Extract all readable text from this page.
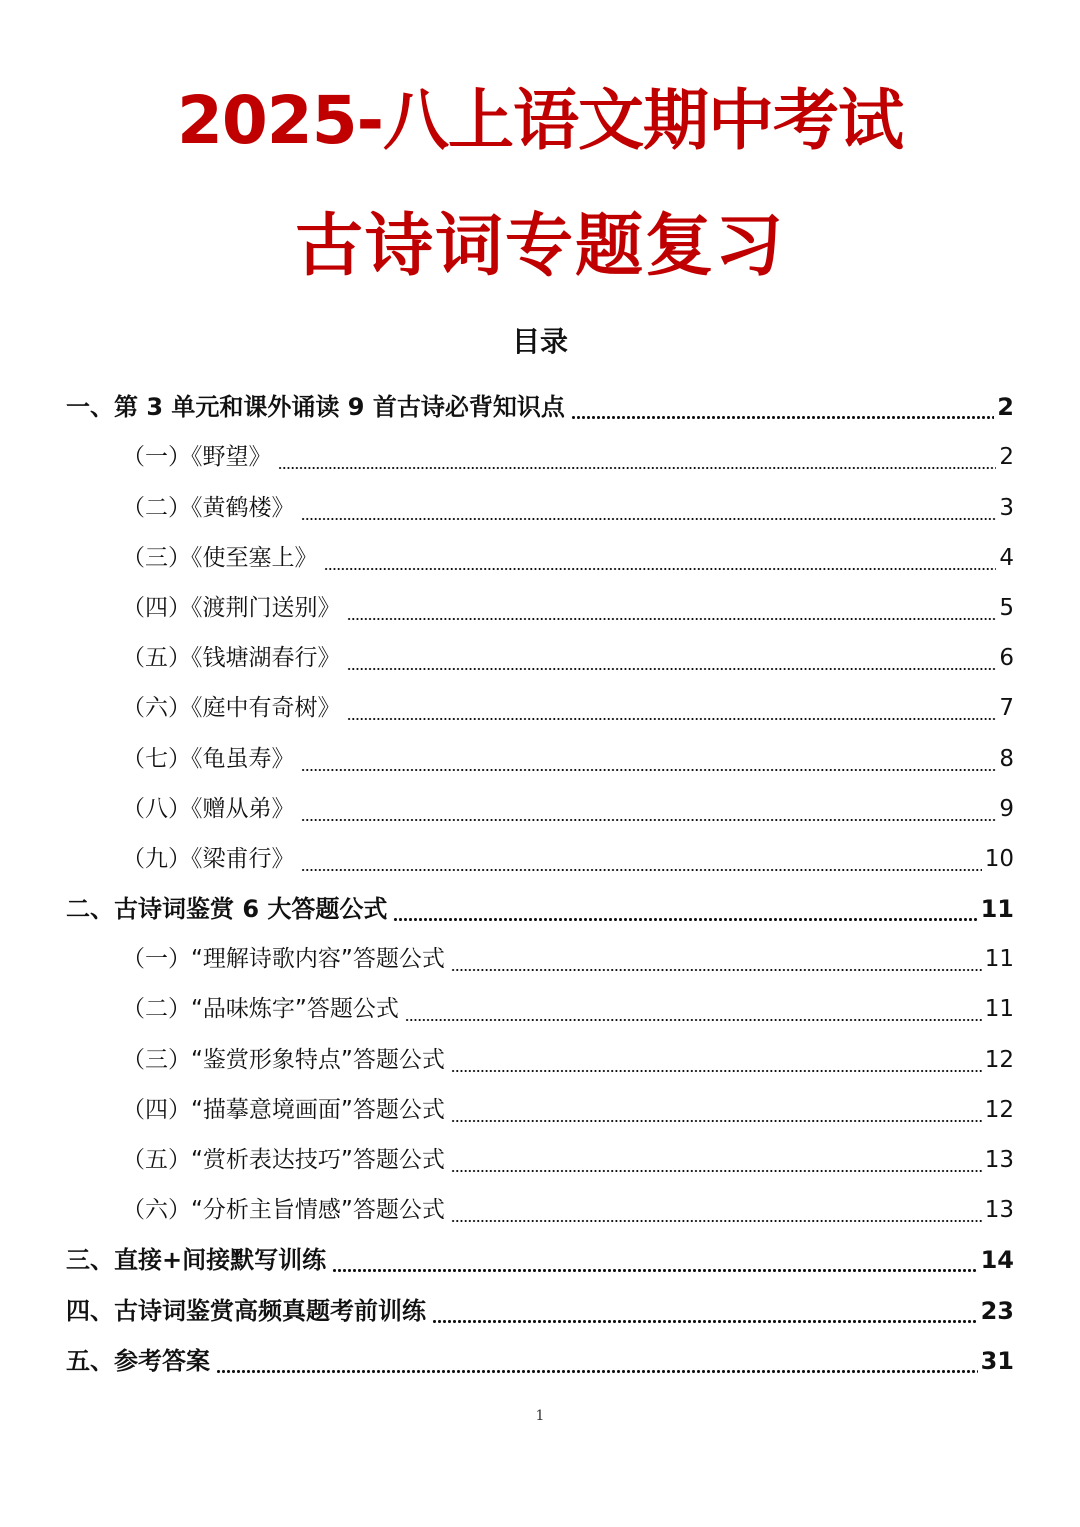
2025-八上语文期中考试
古诗词专题复习
目录
一、第 3 单元和课外诵读 9 首古诗必背知识点	2
（一）《野望》	2
（二）《黄鹤楼》	3
（三）《使至塞上》	4
（四）《渡荆门送别》	5
（五）《钱塘湖春行》	6
（六）《庭中有奇树》	7
（七）《龟虽寿》	8
（八）《赠从弟》	9
（九）《梁甫行》	10
二、古诗词鉴赏 6 大答题公式	11
（一）“理解诗歌内容”答题公式	11
（二）“品味炼字”答题公式	11
（三）“鉴赏形象特点”答题公式	12
（四）“描摹意境画面”答题公式	12
（五）“赏析表达技巧”答题公式	13
（六）“分析主旨情感”答题公式	13
三、直接+间接默写训练	14
四、古诗词鉴赏高频真题考前训练	23
五、参考答案	31
1
